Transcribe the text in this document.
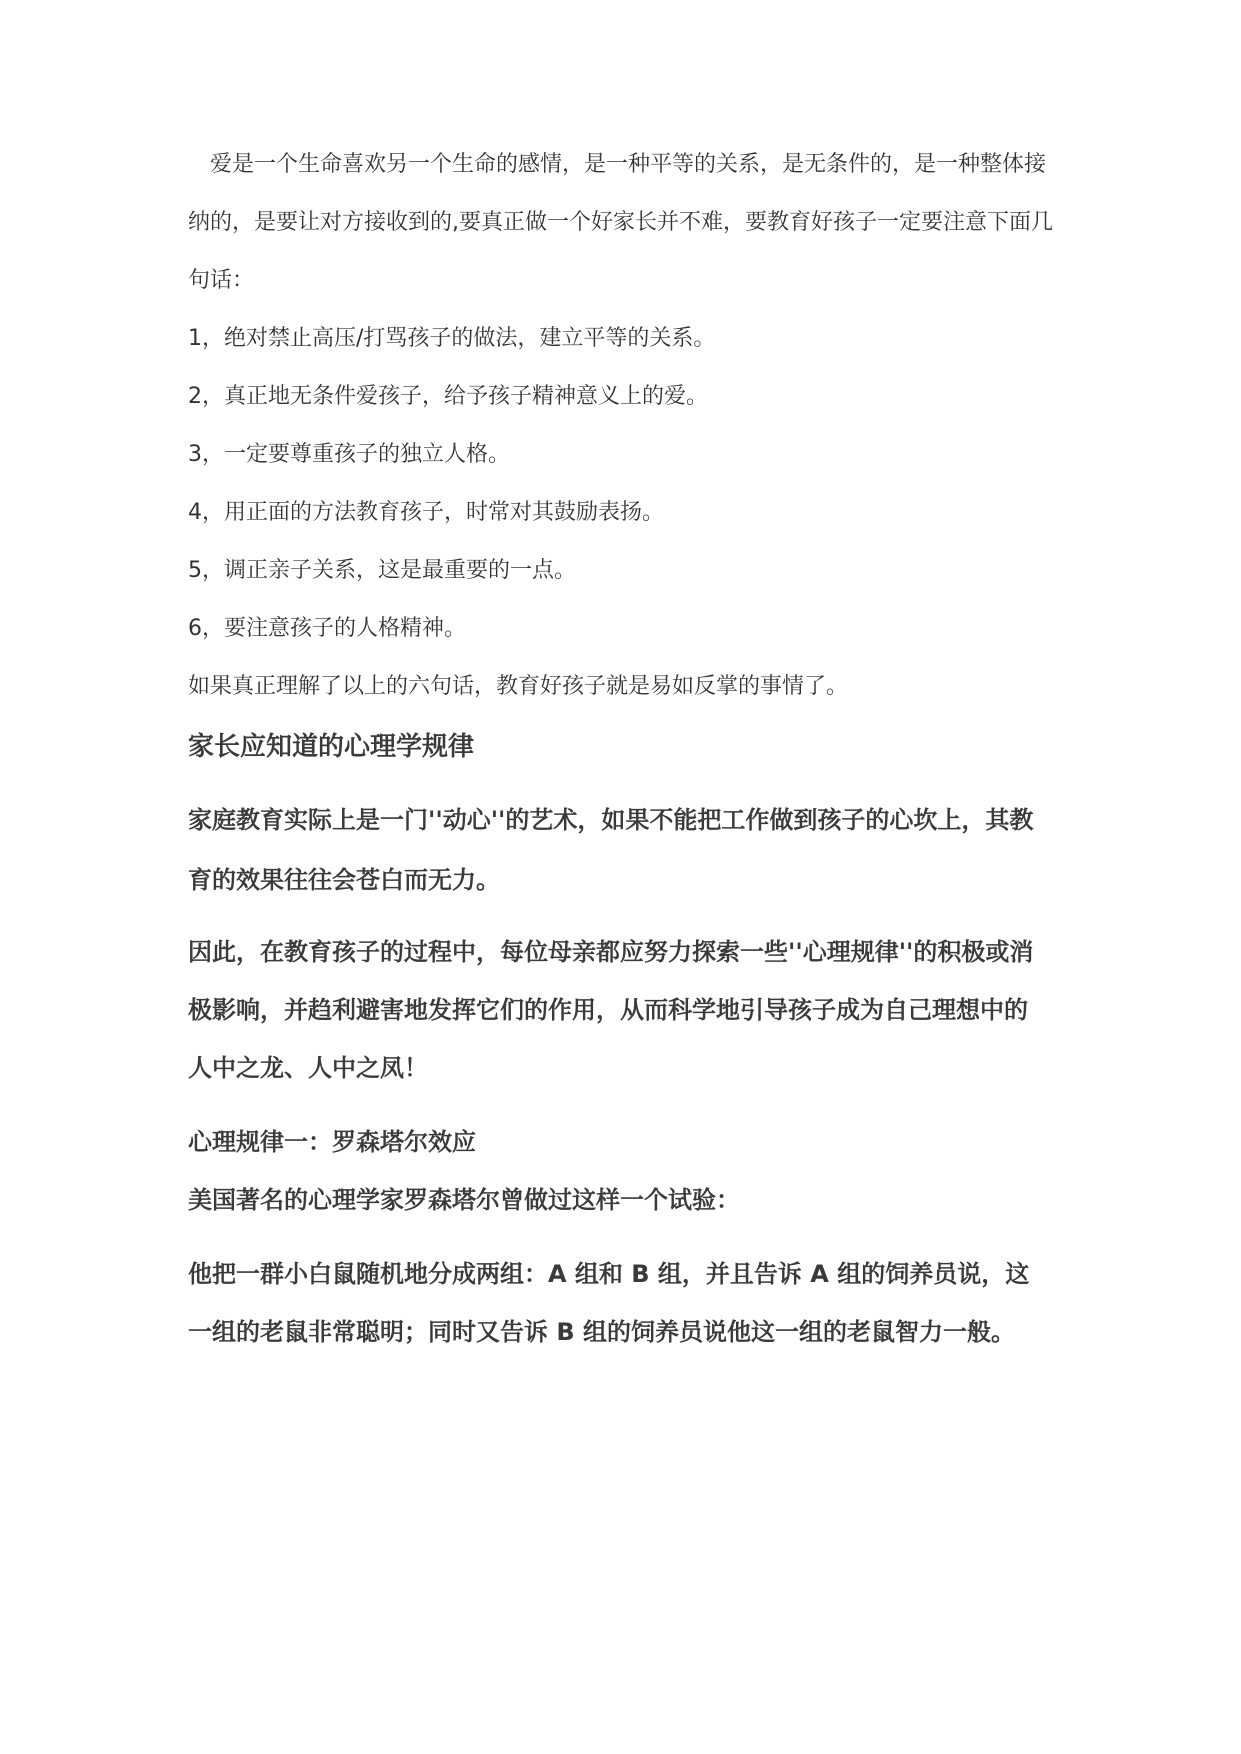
　爱是一个生命喜欢另一个生命的感情，是一种平等的关系，是无条件的，是一种整体接
纳的，是要让对方接收到的,要真正做一个好家长并不难，要教育好孩子一定要注意下面几
句话：
1，绝对禁止高压/打骂孩子的做法，建立平等的关系。
2，真正地无条件爱孩子，给予孩子精神意义上的爱。
3，一定要尊重孩子的独立人格。
4，用正面的方法教育孩子，时常对其鼓励表扬。
5，调正亲子关系，这是最重要的一点。
6，要注意孩子的人格精神。
如果真正理解了以上的六句话，教育好孩子就是易如反掌的事情了。
家长应知道的心理学规律
家庭教育实际上是一门''动心''的艺术，如果不能把工作做到孩子的心坎上，其教
育的效果往往会苍白而无力。
因此，在教育孩子的过程中，每位母亲都应努力探索一些''心理规律''的积极或消
极影响，并趋利避害地发挥它们的作用，从而科学地引导孩子成为自己理想中的
人中之龙、人中之凤！
心理规律一：罗森塔尔效应
美国著名的心理学家罗森塔尔曾做过这样一个试验：
他把一群小白鼠随机地分成两组：A 组和 B 组，并且告诉 A 组的饲养员说，这
一组的老鼠非常聪明；同时又告诉 B 组的饲养员说他这一组的老鼠智力一般。
